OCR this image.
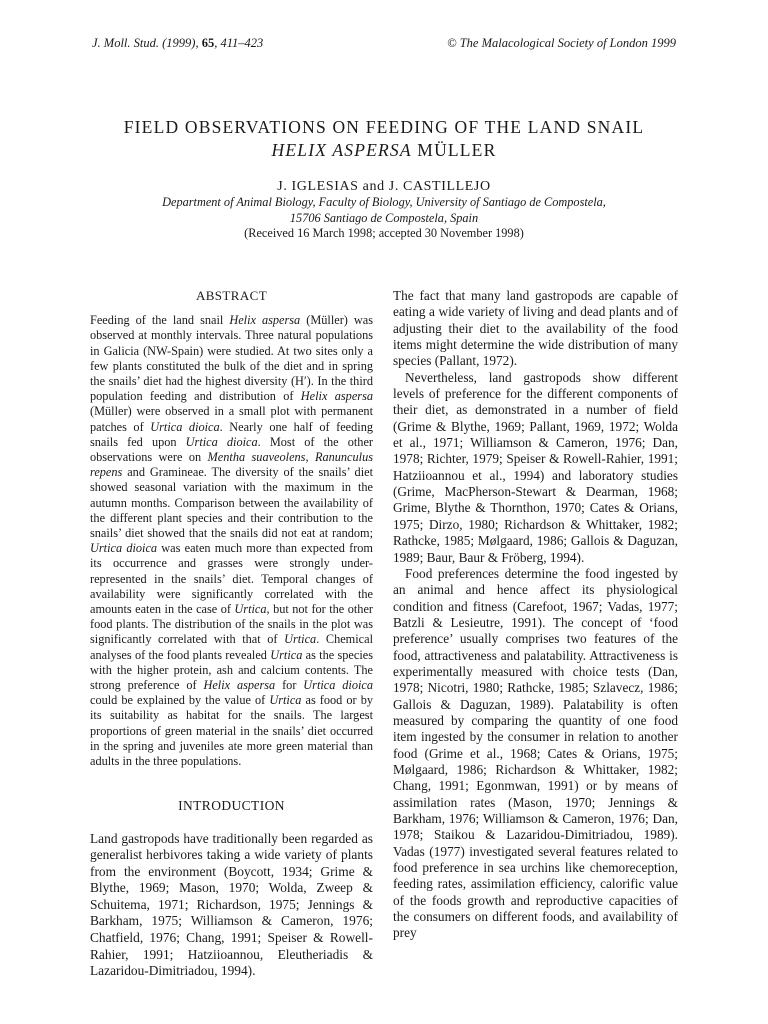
J. Moll. Stud. (1999), 65, 411–423	© The Malacological Society of London 1999
FIELD OBSERVATIONS ON FEEDING OF THE LAND SNAIL
HELIX ASPERSA MÜLLER
J. IGLESIAS and J. CASTILLEJO
Department of Animal Biology, Faculty of Biology, University of Santiago de Compostela,
15706 Santiago de Compostela, Spain
(Received 16 March 1998; accepted 30 November 1998)
ABSTRACT

Feeding of the land snail Helix aspersa (Müller) was observed at monthly intervals. Three natural populations in Galicia (NW-Spain) were studied. At two sites only a few plants constituted the bulk of the diet and in spring the snails’ diet had the highest diversity (H′). In the third population feeding and distribution of Helix aspersa (Müller) were observed in a small plot with permanent patches of Urtica dioica. Nearly one half of feeding snails fed upon Urtica dioica. Most of the other observations were on Mentha suaveolens, Ranunculus repens and Gramineae. The diversity of the snails’ diet showed seasonal variation with the maximum in the autumn months. Comparison between the availability of the different plant species and their contribution to the snails’ diet showed that the snails did not eat at random; Urtica dioica was eaten much more than expected from its occurrence and grasses were strongly under-represented in the snails’ diet. Temporal changes of availability were significantly correlated with the amounts eaten in the case of Urtica, but not for the other food plants. The distribution of the snails in the plot was significantly correlated with that of Urtica. Chemical analyses of the food plants revealed Urtica as the species with the higher protein, ash and calcium contents. The strong preference of Helix aspersa for Urtica dioica could be explained by the value of Urtica as food or by its suitability as habitat for the snails. The largest proportions of green material in the snails’ diet occurred in the spring and juveniles ate more green material than adults in the three populations.

INTRODUCTION

Land gastropods have traditionally been regarded as generalist herbivores taking a wide variety of plants from the environment (Boycott, 1934; Grime & Blythe, 1969; Mason, 1970; Wolda, Zweep & Schuitema, 1971; Richardson, 1975; Jennings & Barkham, 1975; Williamson & Cameron, 1976; Chatfield, 1976; Chang, 1991; Speiser & Rowell-Rahier, 1991; Hatziioannou, Eleutheriadis & Lazaridou-Dimitriadou, 1994).

The fact that many land gastropods are capable of eating a wide variety of living and dead plants and of adjusting their diet to the availability of the food items might determine the wide distribution of many species (Pallant, 1972).

Nevertheless, land gastropods show different levels of preference for the different components of their diet, as demonstrated in a number of field (Grime & Blythe, 1969; Pallant, 1969, 1972; Wolda et al., 1971; Williamson & Cameron, 1976; Dan, 1978; Richter, 1979; Speiser & Rowell-Rahier, 1991; Hatziioannou et al., 1994) and laboratory studies (Grime, MacPherson-Stewart & Dearman, 1968; Grime, Blythe & Thornthon, 1970; Cates & Orians, 1975; Dirzo, 1980; Richardson & Whittaker, 1982; Rathcke, 1985; Mølgaard, 1986; Gallois & Daguzan, 1989; Baur, Baur & Fröberg, 1994).

Food preferences determine the food ingested by an animal and hence affect its physiological condition and fitness (Carefoot, 1967; Vadas, 1977; Batzli & Lesieutre, 1991). The concept of ‘food preference’ usually comprises two features of the food, attractiveness and palatability. Attractiveness is experimentally measured with choice tests (Dan, 1978; Nicotri, 1980; Rathcke, 1985; Szlavecz, 1986; Gallois & Daguzan, 1989). Palatability is often measured by comparing the quantity of one food item ingested by the consumer in relation to another food (Grime et al., 1968; Cates & Orians, 1975; Mølgaard, 1986; Richardson & Whittaker, 1982; Chang, 1991; Egonmwan, 1991) or by means of assimilation rates (Mason, 1970; Jennings & Barkham, 1976; Williamson & Cameron, 1976; Dan, 1978; Staikou & Lazaridou-Dimitriadou, 1989). Vadas (1977) investigated several features related to food preference in sea urchins like chemoreception, feeding rates, assimilation efficiency, calorific value of the foods growth and reproductive capacities of the consumers on different foods, and availability of prey
